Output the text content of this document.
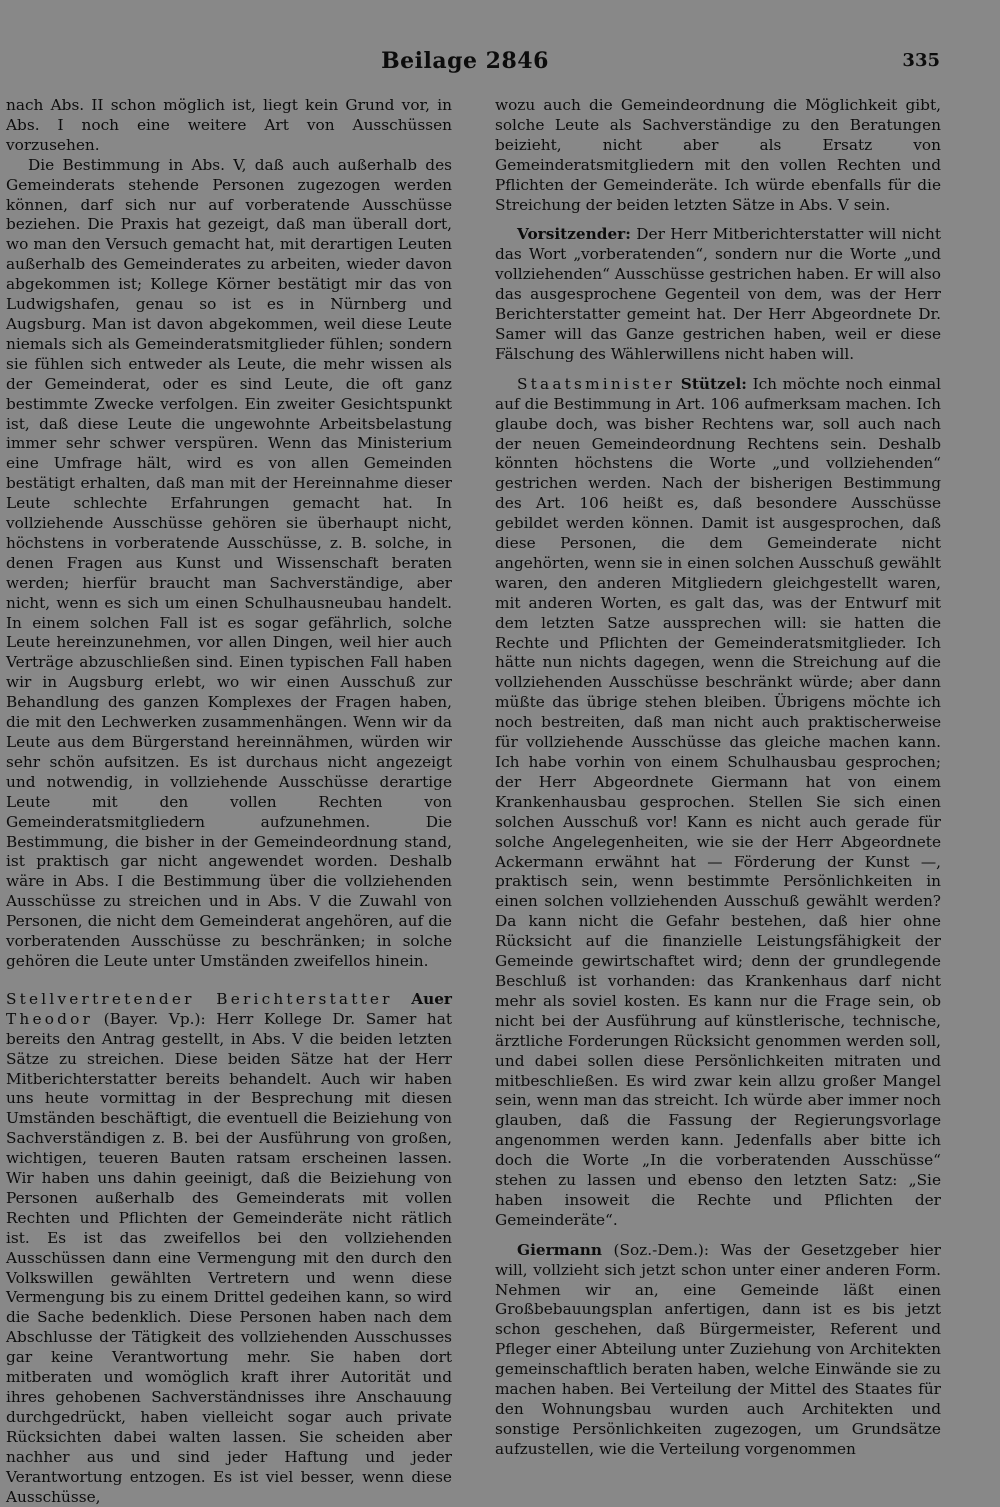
Beilage 2846	335

nach Abs. II schon möglich ist, liegt kein Grund vor, in Abs. I noch eine weitere Art von Ausschüssen vorzusehen.

Die Bestimmung in Abs. V, daß auch außerhalb des Gemeinderats stehende Personen zugezogen werden können, darf sich nur auf vorberatende Ausschüsse beziehen. Die Praxis hat gezeigt, daß man überall dort, wo man den Versuch gemacht hat, mit derartigen Leuten außerhalb des Gemeinderates zu arbeiten, wieder davon abgekommen ist; Kollege Körner bestätigt mir das von Ludwigshafen, genau so ist es in Nürnberg und Augsburg. Man ist davon abgekommen, weil diese Leute niemals sich als Gemeinderatsmitglieder fühlen; sondern sie fühlen sich entweder als Leute, die mehr wissen als der Gemeinderat, oder es sind Leute, die oft ganz bestimmte Zwecke verfolgen. Ein zweiter Gesichtspunkt ist, daß diese Leute die ungewohnte Arbeitsbelastung immer sehr schwer verspüren. Wenn das Ministerium eine Umfrage hält, wird es von allen Gemeinden bestätigt erhalten, daß man mit der Hereinnahme dieser Leute schlechte Erfahrungen gemacht hat. In vollziehende Ausschüsse gehören sie überhaupt nicht, höchstens in vorberatende Ausschüsse, z. B. solche, in denen Fragen aus Kunst und Wissenschaft beraten werden; hierfür braucht man Sachverständige, aber nicht, wenn es sich um einen Schulhausneubau handelt. In einem solchen Fall ist es sogar gefährlich, solche Leute hereinzunehmen, vor allen Dingen, weil hier auch Verträge abzuschließen sind. Einen typischen Fall haben wir in Augsburg erlebt, wo wir einen Ausschuß zur Behandlung des ganzen Komplexes der Fragen haben, die mit den Lechwerken zusammenhängen. Wenn wir da Leute aus dem Bürgerstand hereinnähmen, würden wir sehr schön aufsitzen. Es ist durchaus nicht angezeigt und notwendig, in vollziehende Ausschüsse derartige Leute mit den vollen Rechten von Gemeinderatsmitgliedern aufzunehmen. Die Bestimmung, die bisher in der Gemeindeordnung stand, ist praktisch gar nicht angewendet worden. Deshalb wäre in Abs. I die Bestimmung über die vollziehenden Ausschüsse zu streichen und in Abs. V die Zuwahl von Personen, die nicht dem Gemeinderat angehören, auf die vorberatenden Ausschüsse zu beschränken; in solche gehören die Leute unter Umständen zweifellos hinein.

Stellvertretender Berichterstatter Auer Theodor (Bayer. Vp.): Herr Kollege Dr. Samer hat bereits den Antrag gestellt, in Abs. V die beiden letzten Sätze zu streichen. Diese beiden Sätze hat der Herr Mitberichterstatter bereits behandelt. Auch wir haben uns heute vormittag in der Besprechung mit diesen Umständen beschäftigt, die eventuell die Beiziehung von Sachverständigen z. B. bei der Ausführung von großen, wichtigen, teueren Bauten ratsam erscheinen lassen. Wir haben uns dahin geeinigt, daß die Beiziehung von Personen außerhalb des Gemeinderats mit vollen Rechten und Pflichten der Gemeinderäte nicht rätlich ist. Es ist das zweifellos bei den vollziehenden Ausschüssen dann eine Vermengung mit den durch den Volkswillen gewählten Vertretern und wenn diese Vermengung bis zu einem Drittel gedeihen kann, so wird die Sache bedenklich. Diese Personen haben nach dem Abschlusse der Tätigkeit des vollziehenden Ausschusses gar keine Verantwortung mehr. Sie haben dort mitberaten und womöglich kraft ihrer Autorität und ihres gehobenen Sachverständnisses ihre Anschauung durchgedrückt, haben vielleicht sogar auch private Rücksichten dabei walten lassen. Sie scheiden aber nachher aus und sind jeder Haftung und jeder Verantwortung entzogen. Es ist viel besser, wenn diese Ausschüsse,

wozu auch die Gemeindeordnung die Möglichkeit gibt, solche Leute als Sachverständige zu den Beratungen beizieht, nicht aber als Ersatz von Gemeinderatsmitgliedern mit den vollen Rechten und Pflichten der Gemeinderäte. Ich würde ebenfalls für die Streichung der beiden letzten Sätze in Abs. V sein.

Vorsitzender: Der Herr Mitberichterstatter will nicht das Wort „vorberatenden“, sondern nur die Worte „und vollziehenden“ Ausschüsse gestrichen haben. Er will also das ausgesprochene Gegenteil von dem, was der Herr Berichterstatter gemeint hat. Der Herr Abgeordnete Dr. Samer will das Ganze gestrichen haben, weil er diese Fälschung des Wählerwillens nicht haben will.

Staatsminister Stützel: Ich möchte noch einmal auf die Bestimmung in Art. 106 aufmerksam machen. Ich glaube doch, was bisher Rechtens war, soll auch nach der neuen Gemeindeordnung Rechtens sein. Deshalb könnten höchstens die Worte „und vollziehenden“ gestrichen werden. Nach der bisherigen Bestimmung des Art. 106 heißt es, daß besondere Ausschüsse gebildet werden können. Damit ist ausgesprochen, daß diese Personen, die dem Gemeinderate nicht angehörten, wenn sie in einen solchen Ausschuß gewählt waren, den anderen Mitgliedern gleichgestellt waren, mit anderen Worten, es galt das, was der Entwurf mit dem letzten Satze aussprechen will: sie hatten die Rechte und Pflichten der Gemeinderatsmitglieder. Ich hätte nun nichts dagegen, wenn die Streichung auf die vollziehenden Ausschüsse beschränkt würde; aber dann müßte das übrige stehen bleiben. Übrigens möchte ich noch bestreiten, daß man nicht auch praktischerweise für vollziehende Ausschüsse das gleiche machen kann. Ich habe vorhin von einem Schulhausbau gesprochen; der Herr Abgeordnete Giermann hat von einem Krankenhausbau gesprochen. Stellen Sie sich einen solchen Ausschuß vor! Kann es nicht auch gerade für solche Angelegenheiten, wie sie der Herr Abgeordnete Ackermann erwähnt hat — Förderung der Kunst —, praktisch sein, wenn bestimmte Persönlichkeiten in einen solchen vollziehenden Ausschuß gewählt werden? Da kann nicht die Gefahr bestehen, daß hier ohne Rücksicht auf die finanzielle Leistungsfähigkeit der Gemeinde gewirtschaftet wird; denn der grundlegende Beschluß ist vorhanden: das Krankenhaus darf nicht mehr als soviel kosten. Es kann nur die Frage sein, ob nicht bei der Ausführung auf künstlerische, technische, ärztliche Forderungen Rücksicht genommen werden soll, und dabei sollen diese Persönlichkeiten mitraten und mitbeschließen. Es wird zwar kein allzu großer Mangel sein, wenn man das streicht. Ich würde aber immer noch glauben, daß die Fassung der Regierungsvorlage angenommen werden kann. Jedenfalls aber bitte ich doch die Worte „In die vorberatenden Ausschüsse“ stehen zu lassen und ebenso den letzten Satz: „Sie haben insoweit die Rechte und Pflichten der Gemeinderäte“.

Giermann (Soz.-Dem.): Was der Gesetzgeber hier will, vollzieht sich jetzt schon unter einer anderen Form. Nehmen wir an, eine Gemeinde läßt einen Großbebauungsplan anfertigen, dann ist es bis jetzt schon geschehen, daß Bürgermeister, Referent und Pfleger einer Abteilung unter Zuziehung von Architekten gemeinschaftlich beraten haben, welche Einwände sie zu machen haben. Bei Verteilung der Mittel des Staates für den Wohnungsbau wurden auch Architekten und sonstige Persönlichkeiten zugezogen, um Grundsätze aufzustellen, wie die Verteilung vorgenommen
